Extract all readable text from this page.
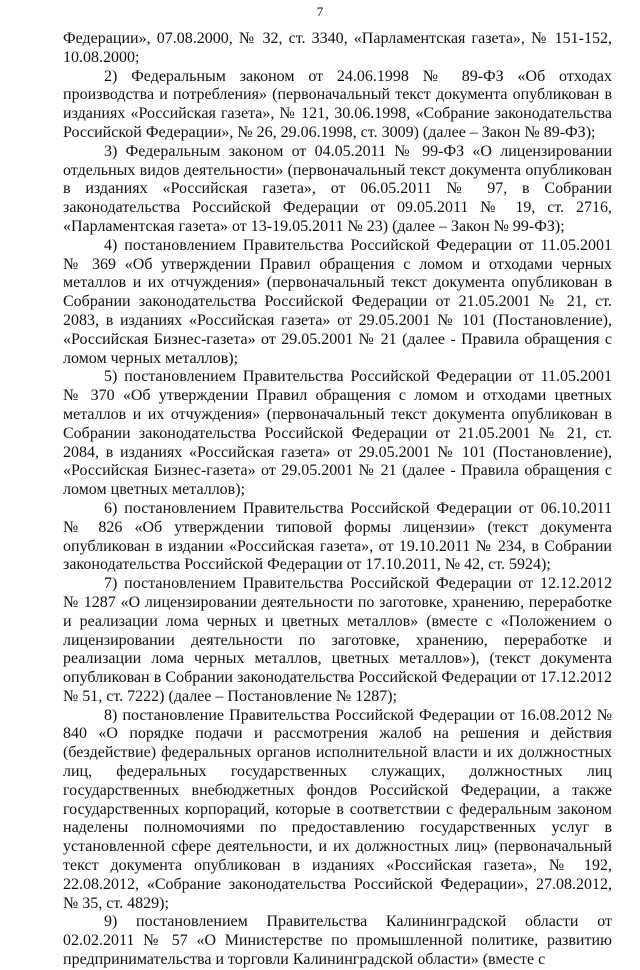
7

Федерации», 07.08.2000, № 32, ст. 3340, «Парламентская газета», № 151-152, 10.08.2000;

2) Федеральным законом от 24.06.1998 № 89-ФЗ «Об отходах производства и потребления» (первоначальный текст документа опубликован в изданиях «Российская газета», № 121, 30.06.1998, «Собрание законодательства Российской Федерации», № 26, 29.06.1998, ст. 3009) (далее – Закон № 89-ФЗ);

3) Федеральным законом от 04.05.2011 № 99-ФЗ «О лицензировании отдельных видов деятельности» (первоначальный текст документа опубликован в изданиях «Российская газета», от 06.05.2011 № 97, в Собрании законодательства Российской Федерации от 09.05.2011 № 19, ст. 2716, «Парламентская газета» от 13-19.05.2011 № 23) (далее – Закон № 99-ФЗ);

4) постановлением Правительства Российской Федерации от 11.05.2001 № 369 «Об утверждении Правил обращения с ломом и отходами черных металлов и их отчуждения» (первоначальный текст документа опубликован в Собрании законодательства Российской Федерации от 21.05.2001 № 21, ст. 2083, в изданиях «Российская газета» от 29.05.2001 № 101 (Постановление), «Российская Бизнес-газета» от 29.05.2001 № 21 (далее - Правила обращения с ломом черных металлов);

5) постановлением Правительства Российской Федерации от 11.05.2001 № 370 «Об утверждении Правил обращения с ломом и отходами цветных металлов и их отчуждения» (первоначальный текст документа опубликован в Собрании законодательства Российской Федерации от 21.05.2001 № 21, ст. 2084, в изданиях «Российская газета» от 29.05.2001 № 101 (Постановление), «Российская Бизнес-газета» от 29.05.2001 № 21 (далее - Правила обращения с ломом цветных металлов);

6) постановлением Правительства Российской Федерации от 06.10.2011 № 826 «Об утверждении типовой формы лицензии» (текст документа опубликован в издании «Российская газета», от 19.10.2011 № 234, в Собрании законодательства Российской Федерации от 17.10.2011, № 42, ст. 5924);

7) постановлением Правительства Российской Федерации от 12.12.2012 № 1287 «О лицензировании деятельности по заготовке, хранению, переработке и реализации лома черных и цветных металлов» (вместе с «Положением о лицензировании деятельности по заготовке, хранению, переработке и реализации лома черных металлов, цветных металлов»), (текст документа опубликован в Собрании законодательства Российской Федерации от 17.12.2012 № 51, ст. 7222) (далее – Постановление № 1287);

8) постановление Правительства Российской Федерации от 16.08.2012 № 840 «О порядке подачи и рассмотрения жалоб на решения и действия (бездействие) федеральных органов исполнительной власти и их должностных лиц, федеральных государственных служащих, должностных лиц государственных внебюджетных фондов Российской Федерации, а также государственных корпораций, которые в соответствии с федеральным законом наделены полномочиями по предоставлению государственных услуг в установленной сфере деятельности, и их должностных лиц» (первоначальный текст документа опубликован в изданиях «Российская газета», № 192, 22.08.2012, «Собрание законодательства Российской Федерации», 27.08.2012, № 35, ст. 4829);

9) постановлением Правительства Калининградской области от 02.02.2011 № 57 «О Министерстве по промышленной политике, развитию предпринимательства и торговли Калининградской области» (вместе с
